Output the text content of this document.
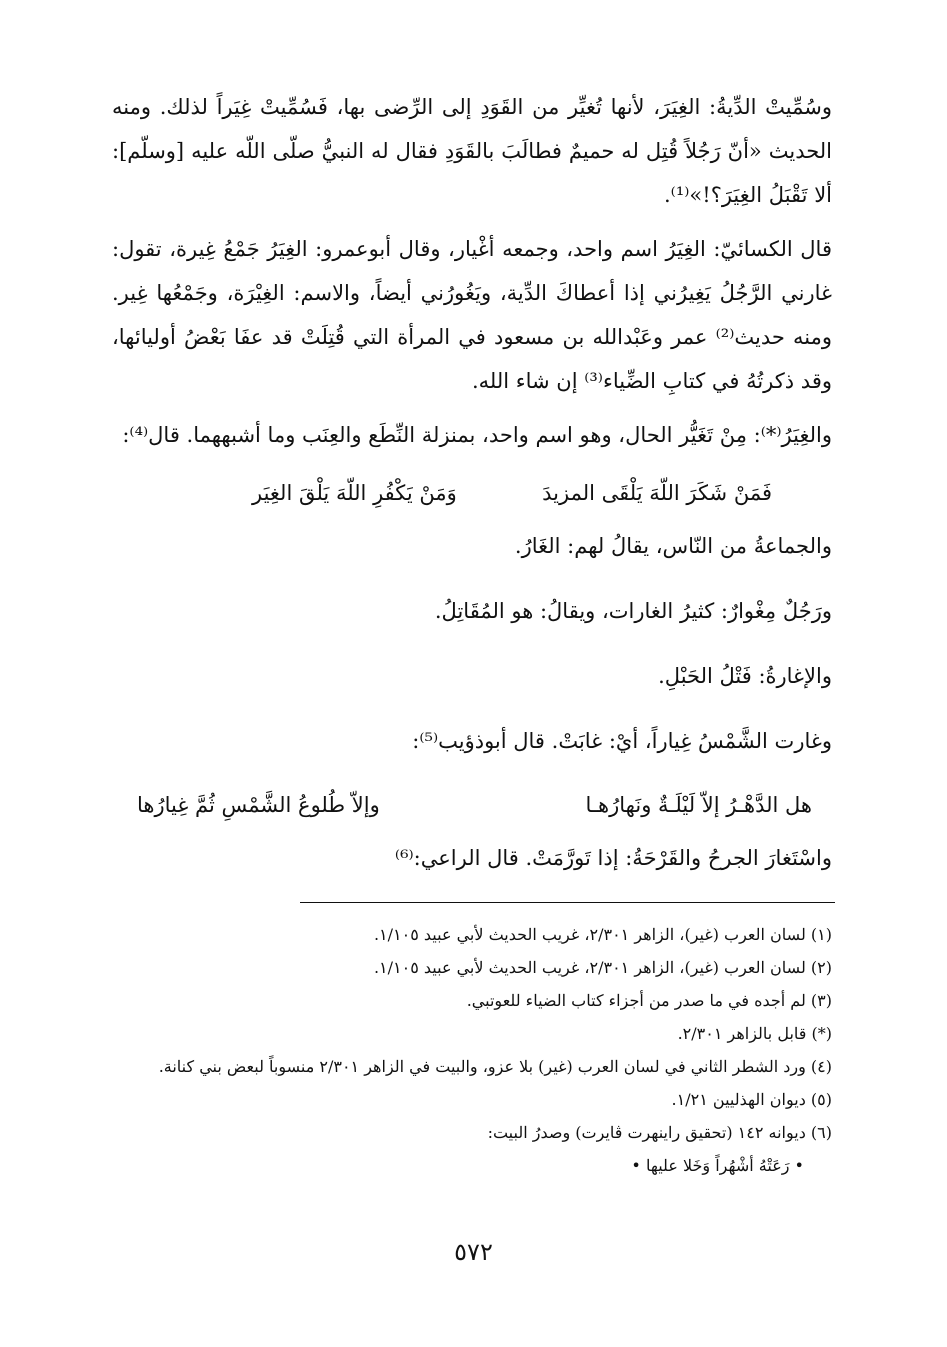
وسُمِّيتْ الدِّيةُ: الغِيَرَ، لأنها تُغيِّر من القَوَدِ إلى الرِّضى بها، فَسُمِّيتْ غِيَراً لذلك. ومنه الحديث «أنّ رَجُلاً قُتِل له حميمٌ فطالَبَ بالقَوَدِ فقال له النبيُّ صلّى اللّه عليه [وسلّم]: ألا تَقْبَلُ الغِيَرَ؟!»⁽¹⁾.

قال الكسائيّ: الغِيَرُ اسم واحد، وجمعه أغْيار، وقال أبوعمرو: الغِيَرُ جَمْعُ غِيرة، تقول: غارني الرَّجُلُ يَغِيرُني إذا أعطاكَ الدِّية، ويَغُورُني أيضاً، والاسم: الغِيْرَة، وجَمْعُها غِير. ومنه حديث⁽²⁾ عمر وعَبْدالله بن مسعود في المرأة التي قُتِلَتْ قد عفَا بَعْضُ أوليائها، وقد ذكرتُهُ في كتابِ الضِّياء⁽³⁾ إن شاء الله.

والغِيَرُ⁽*⁾: مِنْ تَغَيُّر الحال، وهو اسم واحد، بمنزلة النِّطَع والعِنَب وما أشبههما. قال⁽⁴⁾:

فَمَنْ شَكَرَ اللّهَ يَلْقَى المزيدَ
وَمَنْ يَكْفُرِ اللّهَ يَلْقَ الغِيَر

والجماعةُ من النّاس، يقالُ لهم: الغَارُ.

ورَجُلٌ مِغْوارٌ: كثيرُ الغارات، ويقالُ: هو المُقَاتِلُ.

والإغارةُ: فَتْلُ الحَبْلِ.

وغارت الشَّمْسُ غِياراً، أيْ: غابَتْ. قال أبوذؤيب⁽⁵⁾:

هل الدَّهْـرُ إلاّ لَيْلَـةٌ ونَهارُهـا
وإلاّ طُلوعُ الشَّمْسِ ثُمَّ غِيارُها

واسْتَغارَ الجرحُ والقَرْحَةُ: إذا تَورَّمَتْ. قال الراعي:⁽⁶⁾

(١) لسان العرب (غير)، الزاهر ٢/٣٠١، غريب الحديث لأبي عبيد ١/١٠٥.

(٢) لسان العرب (غير)، الزاهر ٢/٣٠١، غريب الحديث لأبي عبيد ١/١٠٥.

(٣) لم أجده في ما صدر من أجزاء كتاب الضياء للعوتبي.

(*) قابل بالزاهر ٢/٣٠١.

(٤) ورد الشطر الثاني في لسان العرب (غير) بلا عزو، والبيت في الزاهر ٢/٣٠١ منسوباً لبعض بني كنانة.

(٥) ديوان الهذليين ١/٢١.

(٦) ديوانه ١٤٢ (تحقيق راينهرت ڤايرت) وصدرُ البيت:

• رَعَتْهُ أشْهُراً وَخَلا عليها •

٥٧٢
